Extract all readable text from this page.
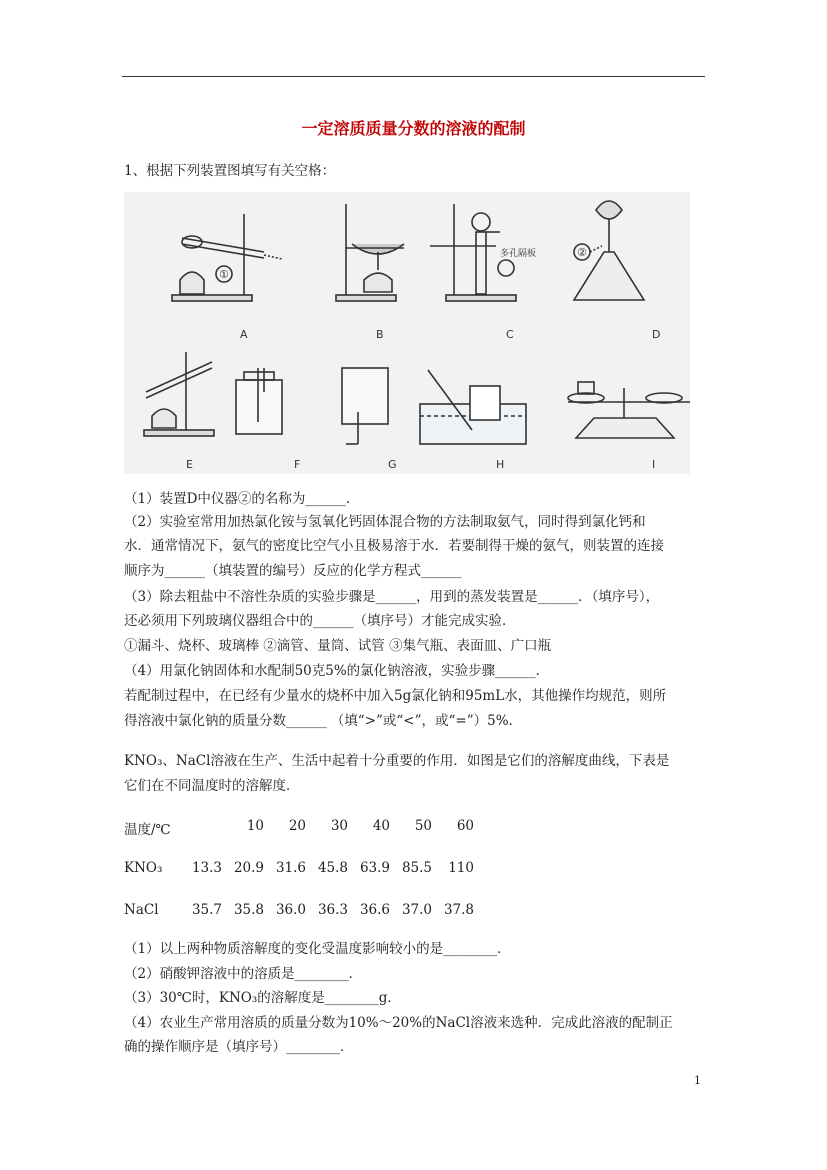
一定溶质质量分数的溶液的配制
1、根据下列装置图填写有关空格：
A	B	C	D
E	F	G	H	I
①
②
多孔隔板
（1）装置D中仪器②的名称为______.
（2）实验室常用加热氯化铵与氢氧化钙固体混合物的方法制取氨气，同时得到氯化钙和
水．通常情况下，氨气的密度比空气小且极易溶于水．若要制得干燥的氨气，则装置的连接
顺序为______（填装置的编号）反应的化学方程式______
（3）除去粗盐中不溶性杂质的实验步骤是______，用到的蒸发装置是______．（填序号），
还必须用下列玻璃仪器组合中的______（填序号）才能完成实验．
①漏斗、烧杯、玻璃棒 ②滴管、量筒、试管 ③集气瓶、表面皿、广口瓶
（4）用氯化钠固体和水配制50克5%的氯化钠溶液，实验步骤______．
若配制过程中，在已经有少量水的烧杯中加入5g氯化钠和95mL水，其他操作均规范，则所
得溶液中氯化钠的质量分数______ （填“>”或“<”，或“=”）5%.
KNO₃、NaCl溶液在生产、生活中起着十分重要的作用．如图是它们的溶解度曲线，下表是
它们在不同温度时的溶解度．
温度/℃		10	20	30	40	50	60
KNO₃	13.3	20.9	31.6	45.8	63.9	85.5	110
NaCl	35.7	35.8	36.0	36.3	36.6	37.0	37.8
（1）以上两种物质溶解度的变化受温度影响较小的是________．
（2）硝酸钾溶液中的溶质是________．
（3）30℃时，KNO₃的溶解度是________g．
（4）农业生产常用溶质的质量分数为10%～20%的NaCl溶液来选种．完成此溶液的配制正
确的操作顺序是（填序号）________．
1
